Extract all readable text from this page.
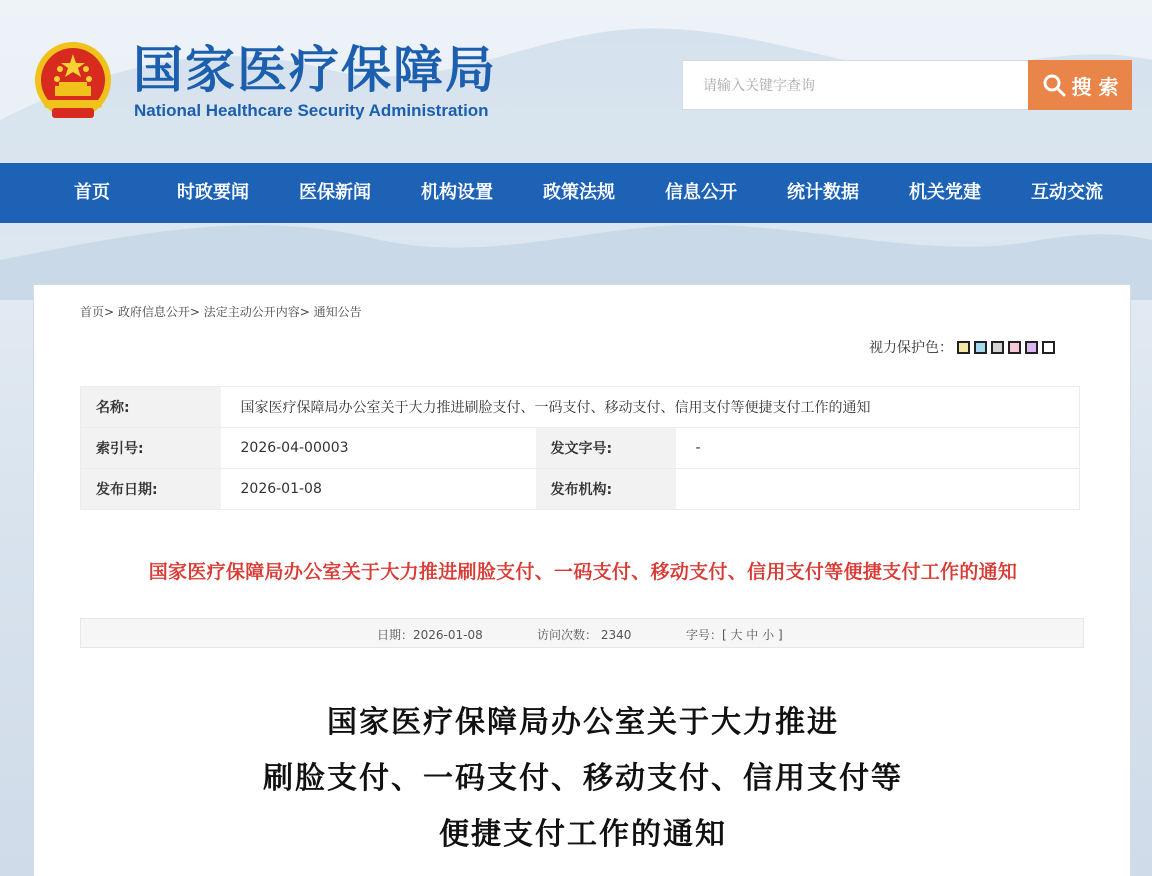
国家医疗保障局
National Healthcare Security Administration
请输入关键字查询
搜 索
首页	时政要闻	医保新闻	机构设置	政策法规	信息公开	统计数据	机关党建	互动交流
首页> 政府信息公开> 法定主动公开内容> 通知公告
视力保护色：
名称:	国家医疗保障局办公室关于大力推进刷脸支付、一码支付、移动支付、信用支付等便捷支付工作的通知		
索引号:	2026-04-00003	发文字号:	-
发布日期:	2026-01-08	发布机构:	
国家医疗保障局办公室关于大力推进刷脸支付、一码支付、移动支付、信用支付等便捷支付工作的通知
日期：2026-01-08	访问次数： 2340	字号：[ 大 中 小 ]
国家医疗保障局办公室关于大力推进
刷脸支付、一码支付、移动支付、信用支付等
便捷支付工作的通知
